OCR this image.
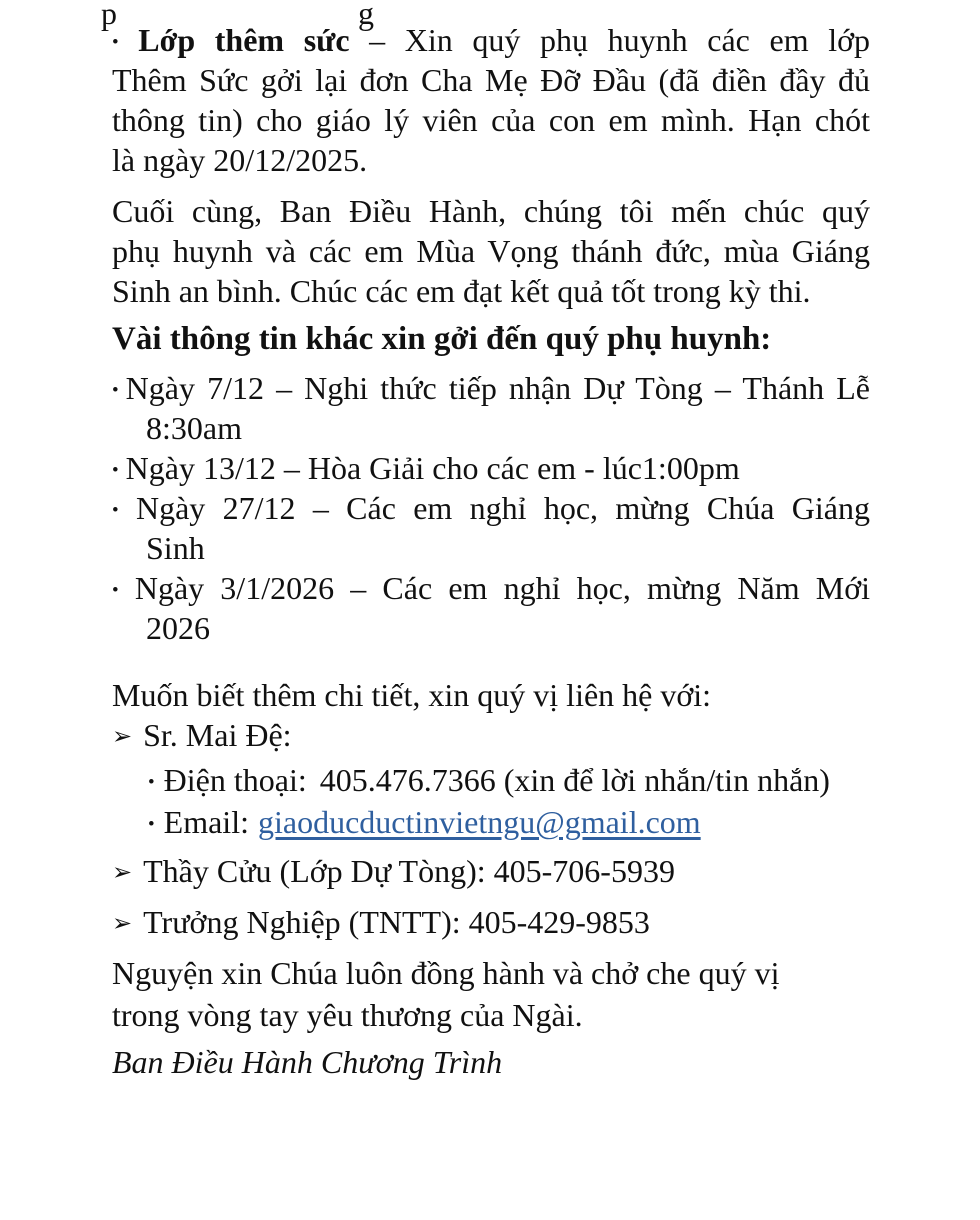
p	g
• Lớp thêm sức – Xin quý phụ huynh các em lớp
Thêm Sức gởi lại đơn Cha Mẹ Đỡ Đầu (đã điền đầy đủ
thông tin) cho giáo lý viên của con em mình. Hạn chót
là ngày 20/12/2025.
Cuối cùng, Ban Điều Hành, chúng tôi mến chúc quý
phụ huynh và các em Mùa Vọng thánh đức, mùa Giáng
Sinh an bình. Chúc các em đạt kết quả tốt trong kỳ thi.
Vài thông tin khác xin gởi đến quý phụ huynh:
• Ngày 7/12 – Nghi thức tiếp nhận Dự Tòng – Thánh Lễ
8:30am
• Ngày 13/12 – Hòa Giải cho các em - lúc1:00pm
• Ngày 27/12 – Các em nghỉ học, mừng Chúa Giáng
Sinh
• Ngày 3/1/2026 – Các em nghỉ học, mừng Năm Mới
2026
Muốn biết thêm chi tiết, xin quý vị liên hệ với:
➢ Sr. Mai Đệ:
• Điện thoại: 405.476.7366 (xin để lời nhắn/tin nhắn)
• Email: giaoducductinvietngu@gmail.com
➢ Thầy Cửu (Lớp Dự Tòng): 405-706-5939
➢ Trưởng Nghiệp (TNTT): 405-429-9853
Nguyện xin Chúa luôn đồng hành và chở che quý vị
trong vòng tay yêu thương của Ngài.
Ban Điều Hành Chương Trình
